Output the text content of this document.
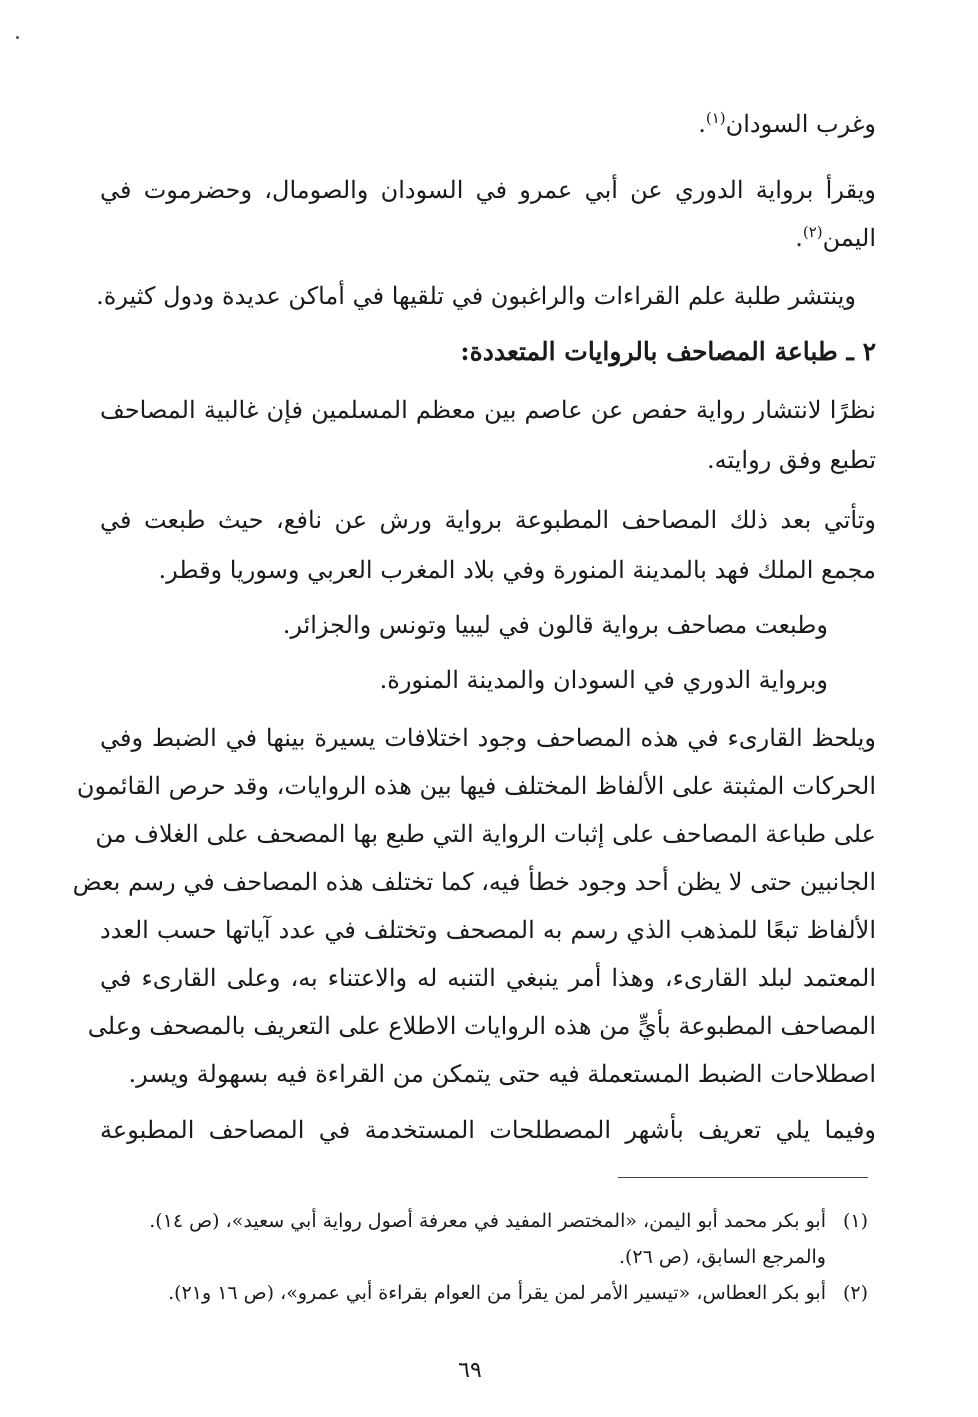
وغرب السودان$^{(١)}$.
ويقرأ برواية الدوري عن أبي عمرو في السودان والصومال، وحضرموت في
اليمن$^{(٢)}$.
وينتشر طلبة علم القراءات والراغبون في تلقيها في أماكن عديدة ودول كثيرة.
٢ ـ طباعة المصاحف بالروايات المتعددة:
نظرًا لانتشار رواية حفص عن عاصم بين معظم المسلمين فإن غالبية المصاحف
تطبع وفق روايته.
وتأتي بعد ذلك المصاحف المطبوعة برواية ورش عن نافع، حيث طبعت في
مجمع الملك فهد بالمدينة المنورة وفي بلاد المغرب العربي وسوريا وقطر.
وطبعت مصاحف برواية قالون في ليبيا وتونس والجزائر.
وبرواية الدوري في السودان والمدينة المنورة.
ويلحظ القارىء في هذه المصاحف وجود اختلافات يسيرة بينها في الضبط وفي
الحركات المثبتة على الألفاظ المختلف فيها بين هذه الروايات، وقد حرص القائمون
على طباعة المصاحف على إثبات الرواية التي طبع بها المصحف على الغلاف من
الجانبين حتى لا يظن أحد وجود خطأ فيه، كما تختلف هذه المصاحف في رسم بعض
الألفاظ تبعًا للمذهب الذي رسم به المصحف وتختلف في عدد آياتها حسب العدد
المعتمد لبلد القارىء، وهذا أمر ينبغي التنبه له والاعتناء به، وعلى القارىء في
المصاحف المطبوعة بأيٍّ من هذه الروايات الاطلاع على التعريف بالمصحف وعلى
اصطلاحات الضبط المستعملة فيه حتى يتمكن من القراءة فيه بسهولة ويسر.
وفيما يلي تعريف بأشهر المصطلحات المستخدمة في المصاحف المطبوعة
(١)أبو بكر محمد أبو اليمن، «المختصر المفيد في معرفة أصول رواية أبي سعيد»، (ص ١٤).
والمرجع السابق، (ص ٢٦).
(٢)أبو بكر العطاس، «تيسير الأمر لمن يقرأ من العوام بقراءة أبي عمرو»، (ص ١٦ و٢١).
٦٩
